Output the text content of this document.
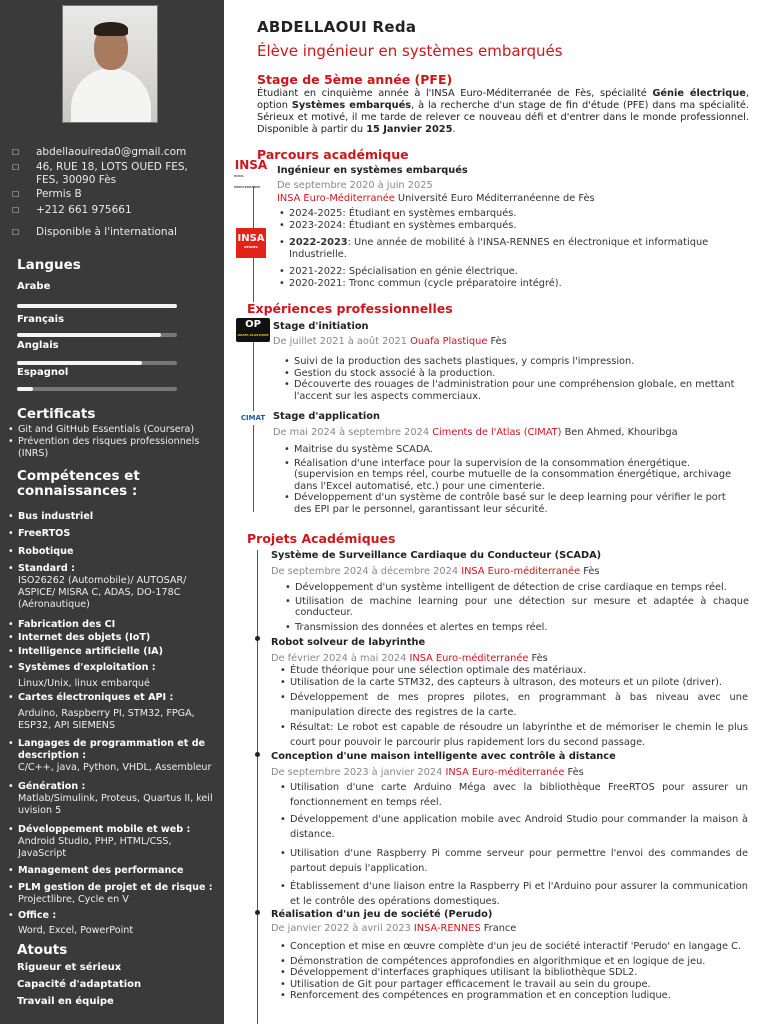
☐	abdellaouireda0@gmail.com
☐	46, RUE 18, LOTS OUED FES, FES, 30090 Fès
☐	Permis B
☐	+212 661 975661
☐	Disponible à l'international
Langues
Arabe
Français
Anglais
Espagnol
Certificats
• Git and GitHub Essentials (Coursera)
• Prévention des risques professionnels (INRS)
Compétences et connaissances :
• Bus industriel
• FreeRTOS
• Robotique
• Standard :
ISO26262 (Automobile)/ AUTOSAR/ ASPICE/ MISRA C, ADAS, DO-178C (Aéronautique)
• Fabrication des CI
• Internet des objets (IoT)
• Intelligence artificielle (IA)
• Systèmes d'exploitation :
Linux/Unix, linux embarqué
• Cartes électroniques et API :
Arduino, Raspberry PI, STM32, FPGA, ESP32, API SIEMENS
• Langages de programmation et de description :
C/C++, java, Python, VHDL, Assembleur
• Génération :
Matlab/Simulink, Proteus, Quartus II, keil uvision 5
• Développement mobile et web :
Android Studio, PHP, HTML/CSS, JavaScript
• Management des performance
• PLM gestion de projet et de risque :
Projectlibre, Cycle en V
• Office :
Word, Excel, PowerPoint
Atouts
Rigueur et sérieux
Capacité d'adaptation
Travail en équipe
ABDELLAOUI Reda
Élève ingénieur en systèmes embarqués
Stage de 5ème année (PFE)
Étudiant en cinquième année à l'INSA Euro-Méditerranée de Fès, spécialité Génie électrique, option Systèmes embarqués, à la recherche d'un stage de fin d'étude (PFE) dans ma spécialité. Sérieux et motivé, il me tarde de relever ce nouveau défi et d'entrer dans le monde professionnel. Disponible à partir du 15 Janvier 2025.
Parcours académique
INSA
EURO-MÉDITERRANÉE
INSA
RENNES
Ingénieur en systèmes embarqués
De septembre 2020 à juin 2025
INSA Euro-Méditerranée Université Euro Méditerranéenne de Fès
• 2024-2025: Étudiant en systèmes embarqués.
• 2023-2024: Étudiant en systèmes embarqués.
• 2022-2023: Une année de mobilité à l'INSA-RENNES en électronique et informatique Industrielle.
• 2021-2022: Spécialisation en génie électrique.
• 2020-2021: Tronc commun (cycle préparatoire intégré).
Expériences professionnelles
OP
OUAFA PLASTIQUE
Stage d'initiation
De juillet 2021 à août 2021 Ouafa Plastique Fès
• Suivi de la production des sachets plastiques, y compris l'impression.
• Gestion du stock associé à la production.
• Découverte des rouages de l'administration pour une compréhension globale, en mettant l'accent sur les aspects commerciaux.
CIMAT Stage d'application
De mai 2024 à septembre 2024 Ciments de l'Atlas (CIMAT) Ben Ahmed, Khouribga
• Maitrise du système SCADA.
• Réalisation d'une interface pour la supervision de la consommation énergétique. (supervision en temps réel, courbe mutuelle de la consommation énergétique, archivage dans l'Excel automatisé, etc.) pour une cimenterie.
• Développement d'un système de contrôle basé sur le deep learning pour vérifier le port des EPI par le personnel, garantissant leur sécurité.
Projets Académiques
Système de Surveillance Cardiaque du Conducteur (SCADA)
De septembre 2024 à décembre 2024 INSA Euro-méditerranée Fès
• Développement d'un système intelligent de détection de crise cardiaque en temps réel.
• Utilisation de machine learning pour une détection sur mesure et adaptée à chaque conducteur.
• Transmission des données et alertes en temps réel.
Robot solveur de labyrinthe
De février 2024 à mai 2024 INSA Euro-méditerranée Fès
• Étude théorique pour une sélection optimale des matériaux.
• Utilisation de la carte STM32, des capteurs à ultrason, des moteurs et un pilote (driver).
• Développement de mes propres pilotes, en programmant à bas niveau avec une manipulation directe des registres de la carte.
• Résultat: Le robot est capable de résoudre un labyrinthe et de mémoriser le chemin le plus court pour pouvoir le parcourir plus rapidement lors du second passage.
Conception d'une maison intelligente avec contrôle à distance
De septembre 2023 à janvier 2024 INSA Euro-méditerranée Fès
• Utilisation d'une carte Arduino Méga avec la bibliothèque FreeRTOS pour assurer un fonctionnement en temps réel.
• Développement d'une application mobile avec Android Studio pour commander la maison à distance.
• Utilisation d'une Raspberry Pi comme serveur pour permettre l'envoi des commandes de partout depuis l'application.
• Établissement d'une liaison entre la Raspberry Pi et l'Arduino pour assurer la communication et le contrôle des opérations domestiques.
Réalisation d'un jeu de société (Perudo)
De janvier 2022 à avril 2023 INSA-RENNES France
• Conception et mise en œuvre complète d'un jeu de société interactif 'Perudo' en langage C.
• Démonstration de compétences approfondies en algorithmique et en logique de jeu.
• Développement d'interfaces graphiques utilisant la bibliothèque SDL2.
• Utilisation de Git pour partager efficacement le travail au sein du groupe.
• Renforcement des compétences en programmation et en conception ludique.
